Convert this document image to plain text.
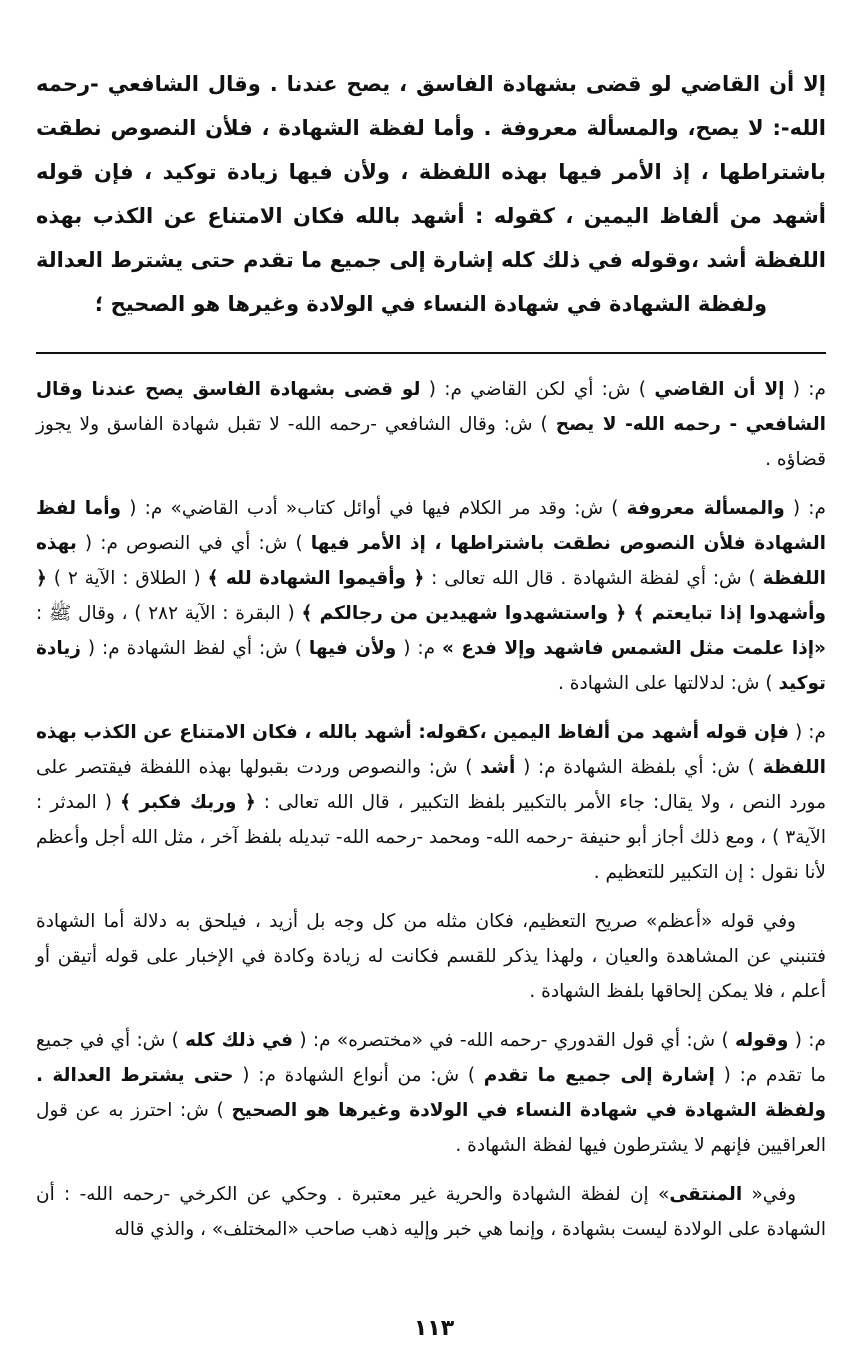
إلا أن القاضي لو قضى بشهادة الفاسق ، يصح عندنا . وقال الشافعي -رحمه الله-: لا يصح، والمسألة معروفة . وأما لفظة الشهادة ، فلأن النصوص نطقت باشتراطها ، إذ الأمر فيها بهذه اللفظة ، ولأن فيها زيادة توكيد ، فإن قوله أشهد من ألفاظ اليمين ، كقوله : أشهد بالله فكان الامتناع عن الكذب بهذه اللفظة أشد ،وقوله في ذلك كله إشارة إلى جميع ما تقدم حتى يشترط العدالة ولفظة الشهادة في شهادة النساء في الولادة وغيرها هو الصحيح ؛

م: ( إلا أن القاضي ) ش: أي لكن القاضي م: ( لو قضى بشهادة الفاسق يصح عندنا وقال الشافعي - رحمه الله- لا يصح ) ش: وقال الشافعي -رحمه الله- لا تقبل شهادة الفاسق ولا يجوز قضاؤه .

م: ( والمسألة معروفة ) ش: وقد مر الكلام فيها في أوائل كتاب« أدب القاضي» م: ( وأما لفظ الشهادة فلأن النصوص نطقت باشتراطها ، إذ الأمر فيها ) ش: أي في النصوص م: ( بهذه اللفظة ) ش: أي لفظة الشهادة . قال الله تعالى : ﴿ وأقيموا الشهادة لله ﴾ ( الطلاق : الآية ٢ ) ﴿ وأشهدوا إذا تبايعتم ﴾ ﴿ واستشهدوا شهيدين من رجالكم ﴾ ( البقرة : الآية ٢٨٢ ) ، وقال ﷺ : «إذا علمت مثل الشمس فاشهد وإلا فدع » م: ( ولأن فيها ) ش: أي لفظ الشهادة م: ( زيادة توكيد ) ش: لدلالتها على الشهادة .

م: ( فإن قوله أشهد من ألفاظ اليمين ،كقوله: أشهد بالله ، فكان الامتناع عن الكذب بهذه اللفظة ) ش: أي بلفظة الشهادة م: ( أشد ) ش: والنصوص وردت بقبولها بهذه اللفظة فيقتصر على مورد النص ، ولا يقال: جاء الأمر بالتكبير بلفظ التكبير ، قال الله تعالى : ﴿ وربك فكبر ﴾ ( المدثر : الآية٣ ) ، ومع ذلك أجاز أبو حنيفة -رحمه الله- ومحمد -رحمه الله- تبديله بلفظ آخر ، مثل الله أجل وأعظم لأنا نقول : إن التكبير للتعظيم .

وفي قوله «أعظم» صريح التعظيم، فكان مثله من كل وجه بل أزيد ، فيلحق به دلالة أما الشهادة فتنبني عن المشاهدة والعيان ، ولهذا يذكر للقسم فكانت له زيادة وكادة في الإخبار على قوله أتيقن أو أعلم ، فلا يمكن إلحاقها بلفظ الشهادة .

م: ( وقوله ) ش: أي قول القدوري -رحمه الله- في «مختصره» م: ( في ذلك كله ) ش: أي في جميع ما تقدم م: ( إشارة إلى جميع ما تقدم ) ش: من أنواع الشهادة م: ( حتى يشترط العدالة . ولفظة الشهادة في شهادة النساء في الولادة وغيرها هو الصحيح ) ش: احترز به عن قول العراقيين فإنهم لا يشترطون فيها لفظة الشهادة .

وفي« المنتقى» إن لفظة الشهادة والحرية غير معتبرة . وحكي عن الكرخي -رحمه الله- : أن الشهادة على الولادة ليست بشهادة ، وإنما هي خبر وإليه ذهب صاحب «المختلف» ، والذي قاله

١١٣
